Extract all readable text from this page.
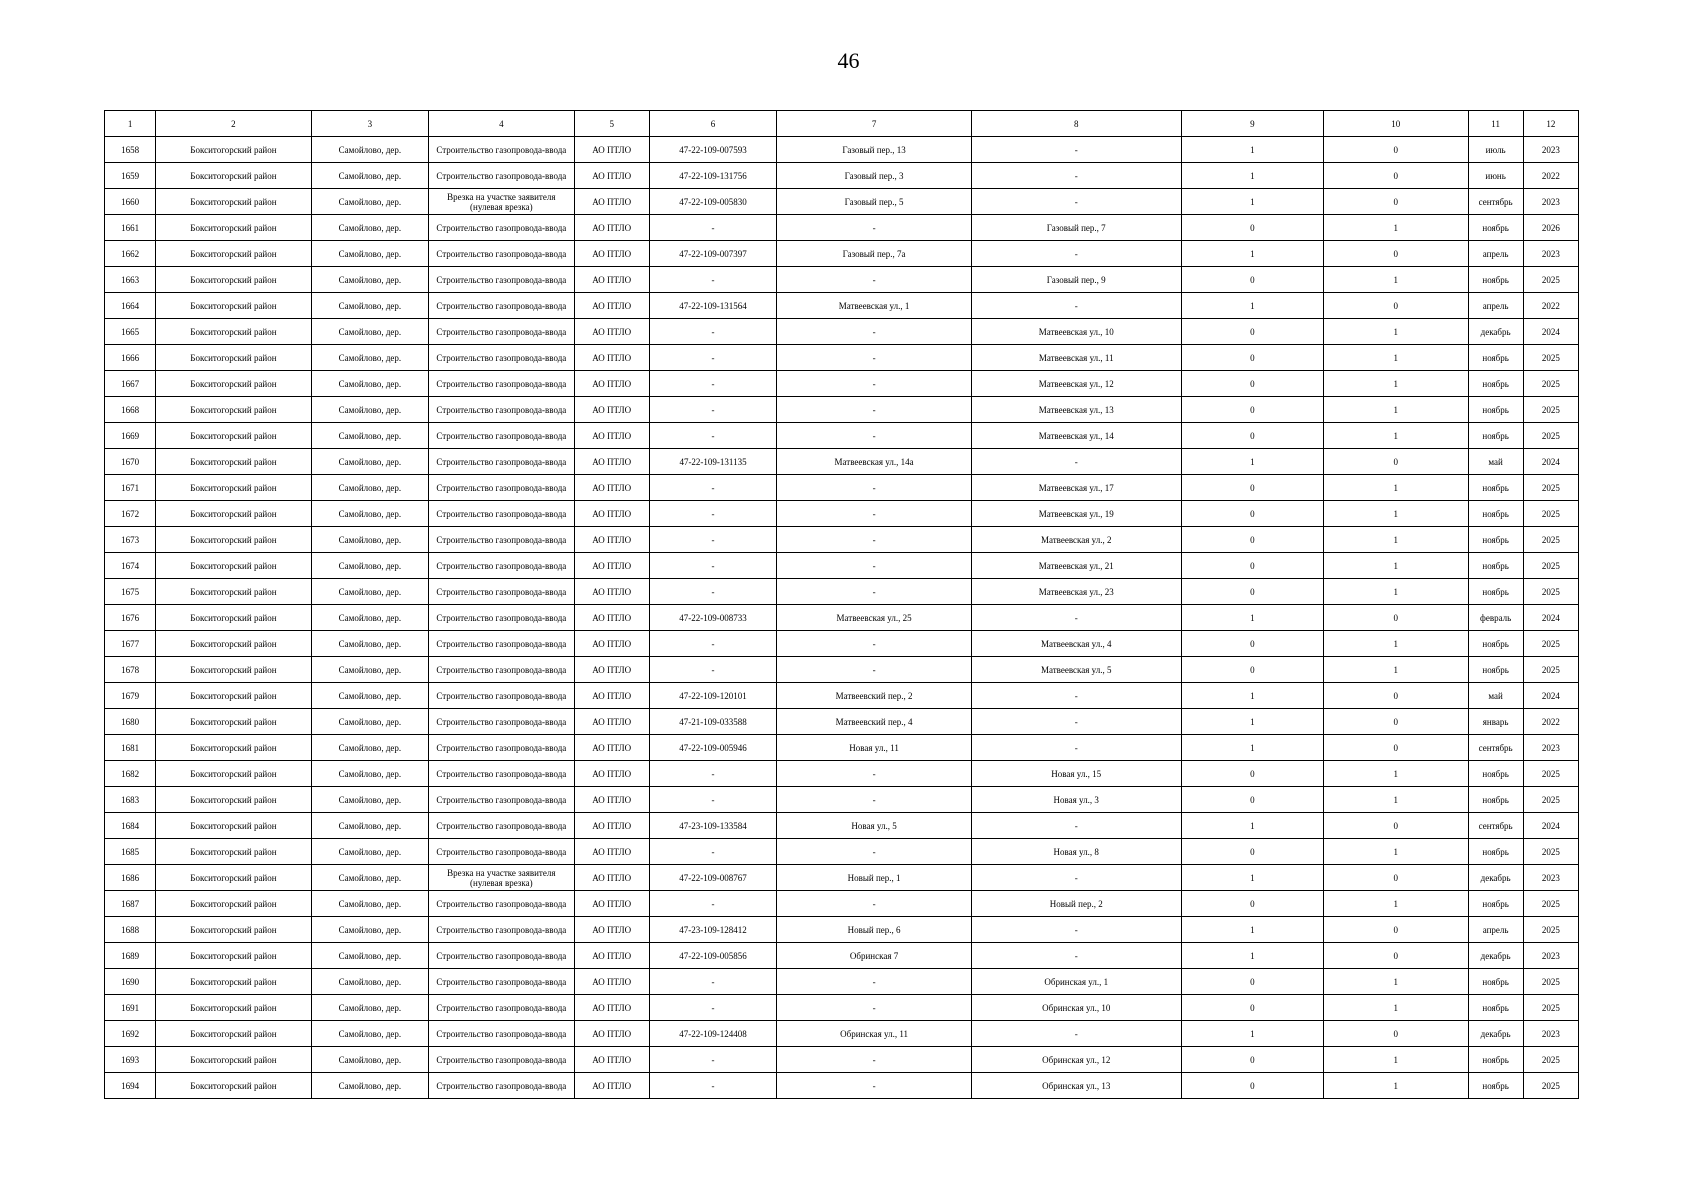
46
1	2	3	4	5	6	7	8	9	10	11	12
1658	Бокситогорский район	Самойлово, дер.	Строительство газопровода-ввода	АО ПТЛО	47-22-109-007593	Газовый пер., 13	-	1	0	июль	2023
1659	Бокситогорский район	Самойлово, дер.	Строительство газопровода-ввода	АО ПТЛО	47-22-109-131756	Газовый пер., 3	-	1	0	июнь	2022
1660	Бокситогорский район	Самойлово, дер.	Врезка на участке заявителя (нулевая врезка)	АО ПТЛО	47-22-109-005830	Газовый пер., 5	-	1	0	сентябрь	2023
1661	Бокситогорский район	Самойлово, дер.	Строительство газопровода-ввода	АО ПТЛО	-	-	Газовый пер., 7	0	1	ноябрь	2026
1662	Бокситогорский район	Самойлово, дер.	Строительство газопровода-ввода	АО ПТЛО	47-22-109-007397	Газовый пер., 7а	-	1	0	апрель	2023
1663	Бокситогорский район	Самойлово, дер.	Строительство газопровода-ввода	АО ПТЛО	-	-	Газовый пер., 9	0	1	ноябрь	2025
1664	Бокситогорский район	Самойлово, дер.	Строительство газопровода-ввода	АО ПТЛО	47-22-109-131564	Матвеевская ул., 1	-	1	0	апрель	2022
1665	Бокситогорский район	Самойлово, дер.	Строительство газопровода-ввода	АО ПТЛО	-	-	Матвеевская ул., 10	0	1	декабрь	2024
1666	Бокситогорский район	Самойлово, дер.	Строительство газопровода-ввода	АО ПТЛО	-	-	Матвеевская ул., 11	0	1	ноябрь	2025
1667	Бокситогорский район	Самойлово, дер.	Строительство газопровода-ввода	АО ПТЛО	-	-	Матвеевская ул., 12	0	1	ноябрь	2025
1668	Бокситогорский район	Самойлово, дер.	Строительство газопровода-ввода	АО ПТЛО	-	-	Матвеевская ул., 13	0	1	ноябрь	2025
1669	Бокситогорский район	Самойлово, дер.	Строительство газопровода-ввода	АО ПТЛО	-	-	Матвеевская ул., 14	0	1	ноябрь	2025
1670	Бокситогорский район	Самойлово, дер.	Строительство газопровода-ввода	АО ПТЛО	47-22-109-131135	Матвеевская ул., 14а	-	1	0	май	2024
1671	Бокситогорский район	Самойлово, дер.	Строительство газопровода-ввода	АО ПТЛО	-	-	Матвеевская ул., 17	0	1	ноябрь	2025
1672	Бокситогорский район	Самойлово, дер.	Строительство газопровода-ввода	АО ПТЛО	-	-	Матвеевская ул., 19	0	1	ноябрь	2025
1673	Бокситогорский район	Самойлово, дер.	Строительство газопровода-ввода	АО ПТЛО	-	-	Матвеевская ул., 2	0	1	ноябрь	2025
1674	Бокситогорский район	Самойлово, дер.	Строительство газопровода-ввода	АО ПТЛО	-	-	Матвеевская ул., 21	0	1	ноябрь	2025
1675	Бокситогорский район	Самойлово, дер.	Строительство газопровода-ввода	АО ПТЛО	-	-	Матвеевская ул., 23	0	1	ноябрь	2025
1676	Бокситогорский район	Самойлово, дер.	Строительство газопровода-ввода	АО ПТЛО	47-22-109-008733	Матвеевская ул., 25	-	1	0	февраль	2024
1677	Бокситогорский район	Самойлово, дер.	Строительство газопровода-ввода	АО ПТЛО	-	-	Матвеевская ул., 4	0	1	ноябрь	2025
1678	Бокситогорский район	Самойлово, дер.	Строительство газопровода-ввода	АО ПТЛО	-	-	Матвеевская ул., 5	0	1	ноябрь	2025
1679	Бокситогорский район	Самойлово, дер.	Строительство газопровода-ввода	АО ПТЛО	47-22-109-120101	Матвеевский пер., 2	-	1	0	май	2024
1680	Бокситогорский район	Самойлово, дер.	Строительство газопровода-ввода	АО ПТЛО	47-21-109-033588	Матвеевский пер., 4	-	1	0	январь	2022
1681	Бокситогорский район	Самойлово, дер.	Строительство газопровода-ввода	АО ПТЛО	47-22-109-005946	Новая ул., 11	-	1	0	сентябрь	2023
1682	Бокситогорский район	Самойлово, дер.	Строительство газопровода-ввода	АО ПТЛО	-	-	Новая ул., 15	0	1	ноябрь	2025
1683	Бокситогорский район	Самойлово, дер.	Строительство газопровода-ввода	АО ПТЛО	-	-	Новая ул., 3	0	1	ноябрь	2025
1684	Бокситогорский район	Самойлово, дер.	Строительство газопровода-ввода	АО ПТЛО	47-23-109-133584	Новая ул., 5	-	1	0	сентябрь	2024
1685	Бокситогорский район	Самойлово, дер.	Строительство газопровода-ввода	АО ПТЛО	-	-	Новая ул., 8	0	1	ноябрь	2025
1686	Бокситогорский район	Самойлово, дер.	Врезка на участке заявителя (нулевая врезка)	АО ПТЛО	47-22-109-008767	Новый пер., 1	-	1	0	декабрь	2023
1687	Бокситогорский район	Самойлово, дер.	Строительство газопровода-ввода	АО ПТЛО	-	-	Новый пер., 2	0	1	ноябрь	2025
1688	Бокситогорский район	Самойлово, дер.	Строительство газопровода-ввода	АО ПТЛО	47-23-109-128412	Новый пер., 6	-	1	0	апрель	2025
1689	Бокситогорский район	Самойлово, дер.	Строительство газопровода-ввода	АО ПТЛО	47-22-109-005856	Обринская 7	-	1	0	декабрь	2023
1690	Бокситогорский район	Самойлово, дер.	Строительство газопровода-ввода	АО ПТЛО	-	-	Обринская ул., 1	0	1	ноябрь	2025
1691	Бокситогорский район	Самойлово, дер.	Строительство газопровода-ввода	АО ПТЛО	-	-	Обринская ул., 10	0	1	ноябрь	2025
1692	Бокситогорский район	Самойлово, дер.	Строительство газопровода-ввода	АО ПТЛО	47-22-109-124408	Обринская ул., 11	-	1	0	декабрь	2023
1693	Бокситогорский район	Самойлово, дер.	Строительство газопровода-ввода	АО ПТЛО	-	-	Обринская ул., 12	0	1	ноябрь	2025
1694	Бокситогорский район	Самойлово, дер.	Строительство газопровода-ввода	АО ПТЛО	-	-	Обринская ул., 13	0	1	ноябрь	2025
